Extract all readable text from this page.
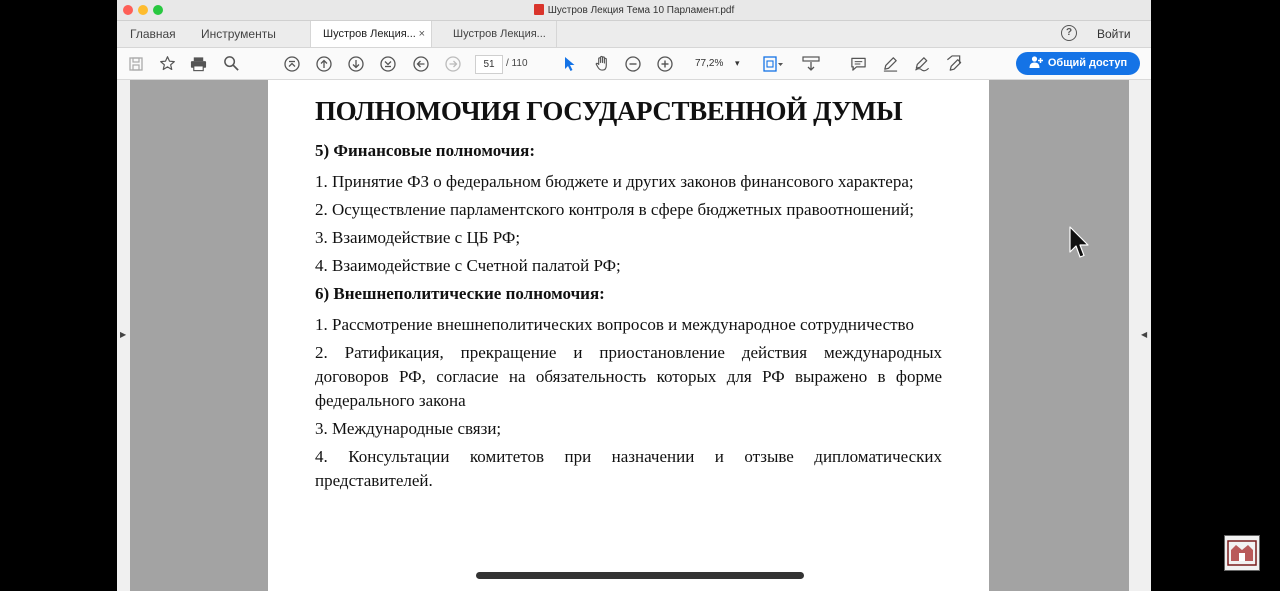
Шустров Лекция Тема 10 Парламент.pdf
Главная Инструменты	Шустров Лекция... ×	Шустров Лекция...	?	Войти
51	/ 110	77,2% ▾	Общий доступ
▶
ПОЛНОМОЧИЯ ГОСУДАРСТВЕННОЙ ДУМЫ
5) Финансовые полномочия:
1. Принятие ФЗ о федеральном бюджете и других законов финансового характера;
2. Осуществление парламентского контроля в сфере бюджетных правоотношений;
3. Взаимодействие с ЦБ РФ;
4. Взаимодействие с Счетной палатой РФ;
6) Внешнеполитические полномочия:
1. Рассмотрение внешнеполитических вопросов и международное сотрудничество
2. Ратификация, прекращение и приостановление действия международных договоров РФ, согласие на обязательность которых для РФ выражено в форме федерального закона
3. Международные связи;
4. Консультации комитетов при назначении и отзыве дипломатических представителей.
◀
